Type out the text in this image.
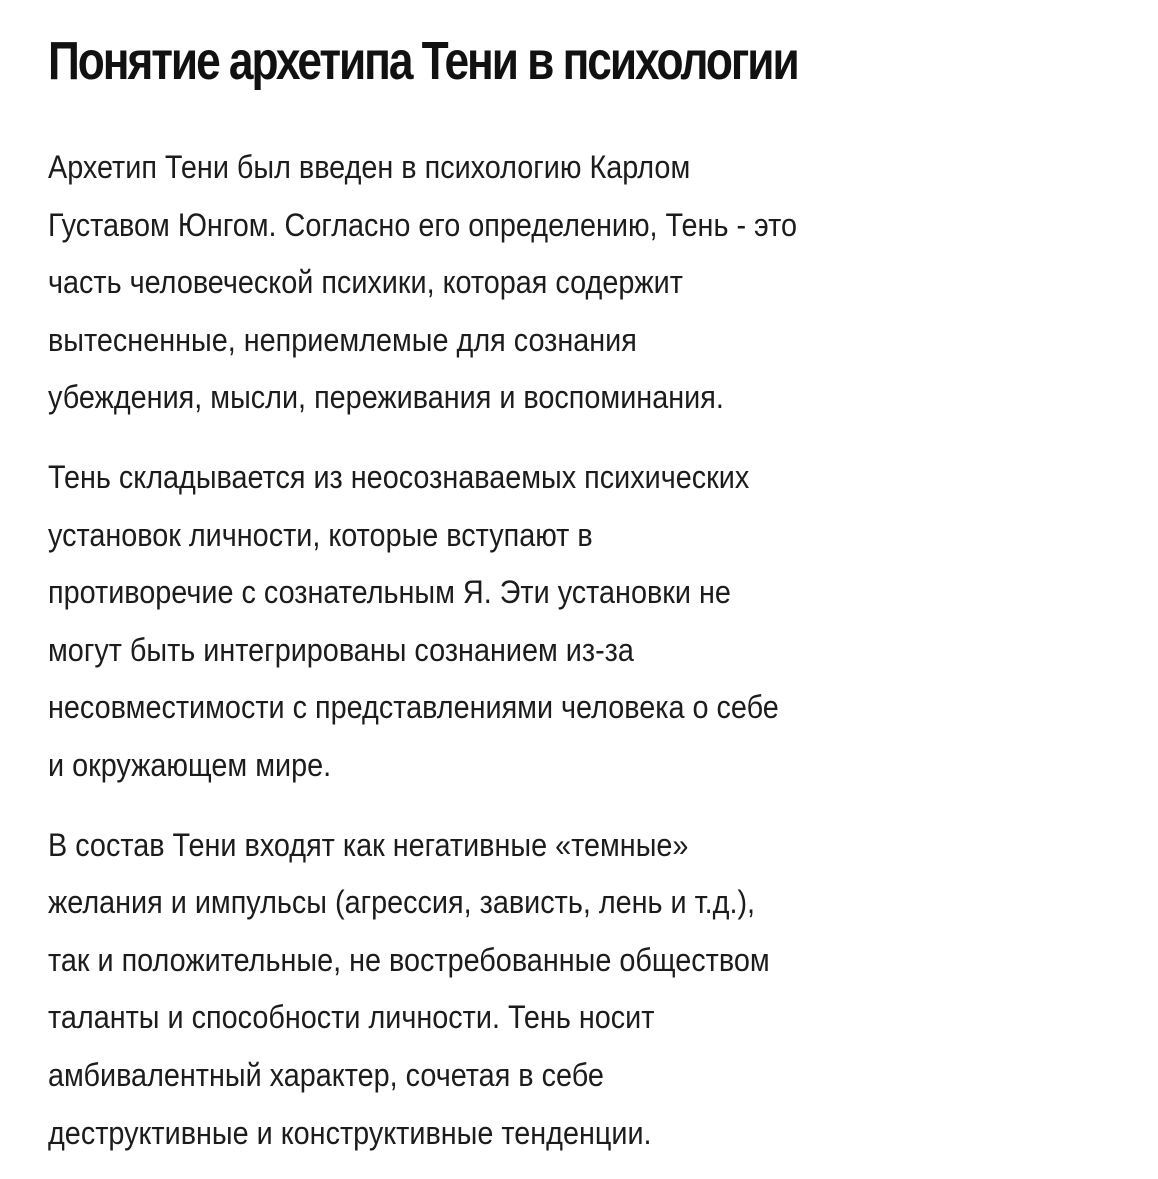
Понятие архетипа Тени в психологии

Архетип Тени был введен в психологию Карлом
Густавом Юнгом. Согласно его определению, Тень - это
часть человеческой психики, которая содержит
вытесненные, неприемлемые для сознания
убеждения, мысли, переживания и воспоминания.

Тень складывается из неосознаваемых психических
установок личности, которые вступают в
противоречие с сознательным Я. Эти установки не
могут быть интегрированы сознанием из-за
несовместимости с представлениями человека о себе
и окружающем мире.

В состав Тени входят как негативные «темные»
желания и импульсы (агрессия, зависть, лень и т.д.),
так и положительные, не востребованные обществом
таланты и способности личности. Тень носит
амбивалентный характер, сочетая в себе
деструктивные и конструктивные тенденции.
